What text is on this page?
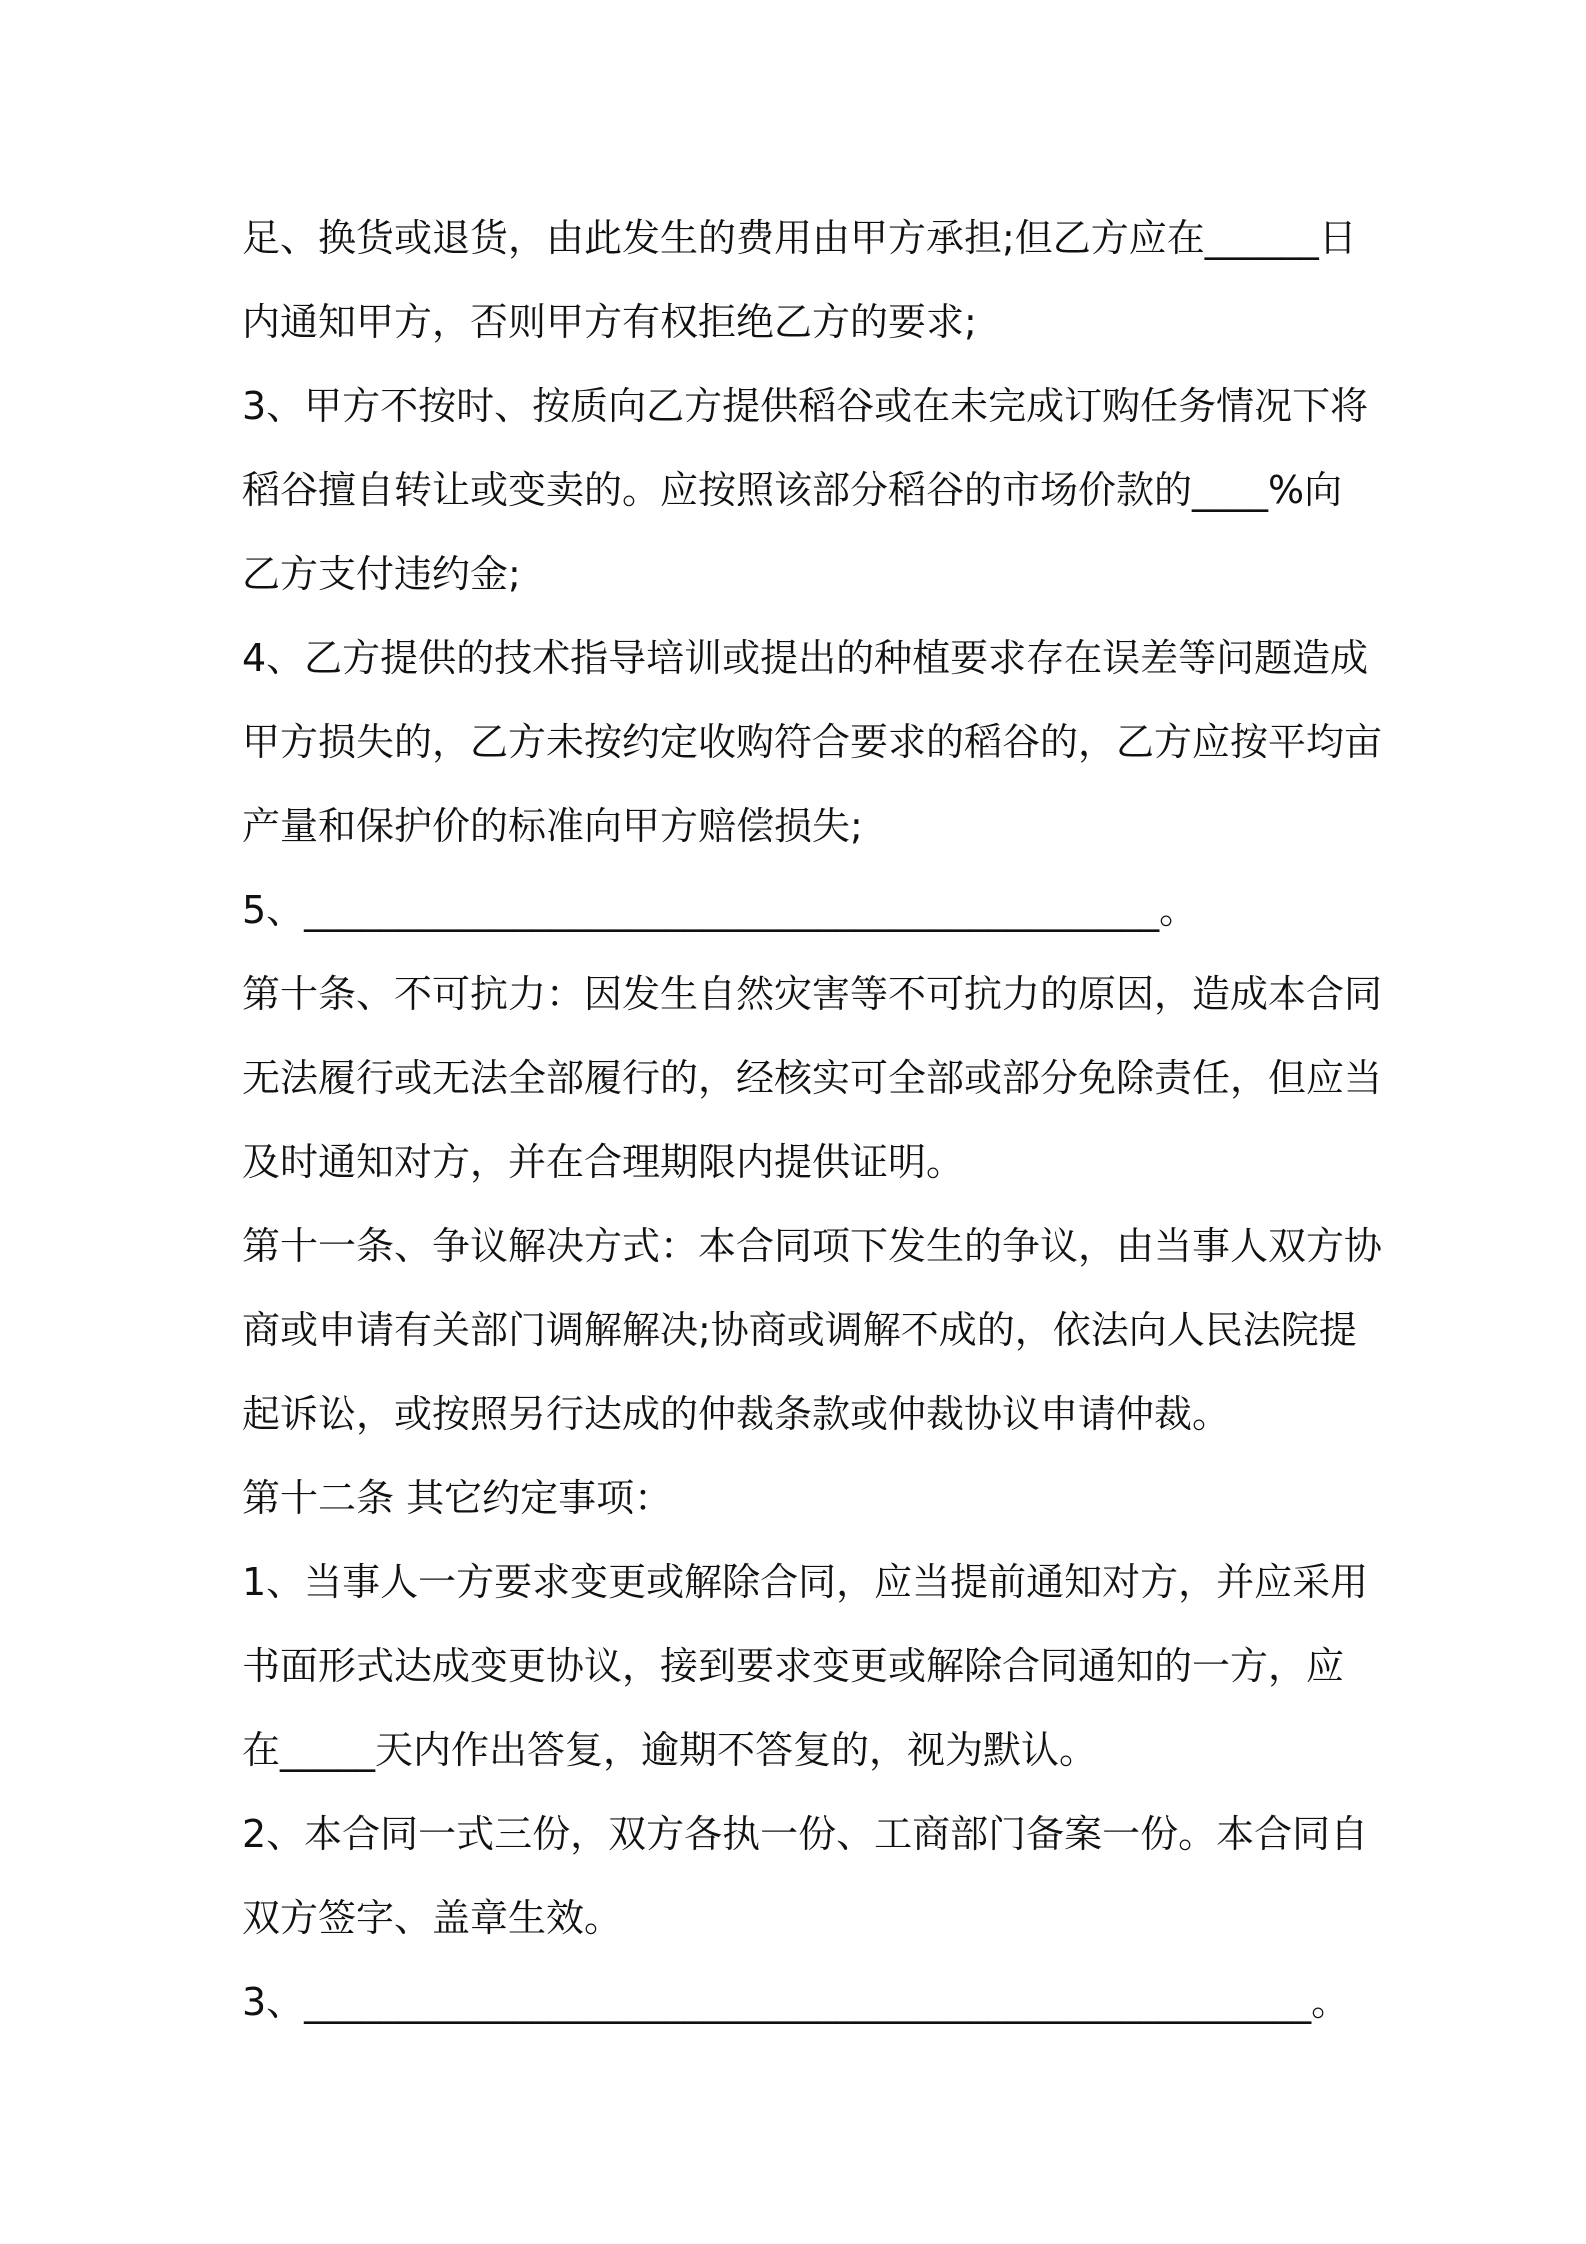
足、换货或退货，由此发生的费用由甲方承担;但乙方应在______日
内通知甲方，否则甲方有权拒绝乙方的要求;
3、甲方不按时、按质向乙方提供稻谷或在未完成订购任务情况下将
稻谷擅自转让或变卖的。应按照该部分稻谷的市场价款的____%向
乙方支付违约金;
4、乙方提供的技术指导培训或提出的种植要求存在误差等问题造成
甲方损失的，乙方未按约定收购符合要求的稻谷的，乙方应按平均亩
产量和保护价的标准向甲方赔偿损失;
5、_____________________________________________。
第十条、不可抗力：因发生自然灾害等不可抗力的原因，造成本合同
无法履行或无法全部履行的，经核实可全部或部分免除责任，但应当
及时通知对方，并在合理期限内提供证明。
第十一条、争议解决方式：本合同项下发生的争议，由当事人双方协
商或申请有关部门调解解决;协商或调解不成的，依法向人民法院提
起诉讼，或按照另行达成的仲裁条款或仲裁协议申请仲裁。
第十二条 其它约定事项：
1、当事人一方要求变更或解除合同，应当提前通知对方，并应采用
书面形式达成变更协议，接到要求变更或解除合同通知的一方，应
在_____天内作出答复，逾期不答复的，视为默认。
2、本合同一式三份，双方各执一份、工商部门备案一份。本合同自
双方签字、盖章生效。
3、_____________________________________________________。
